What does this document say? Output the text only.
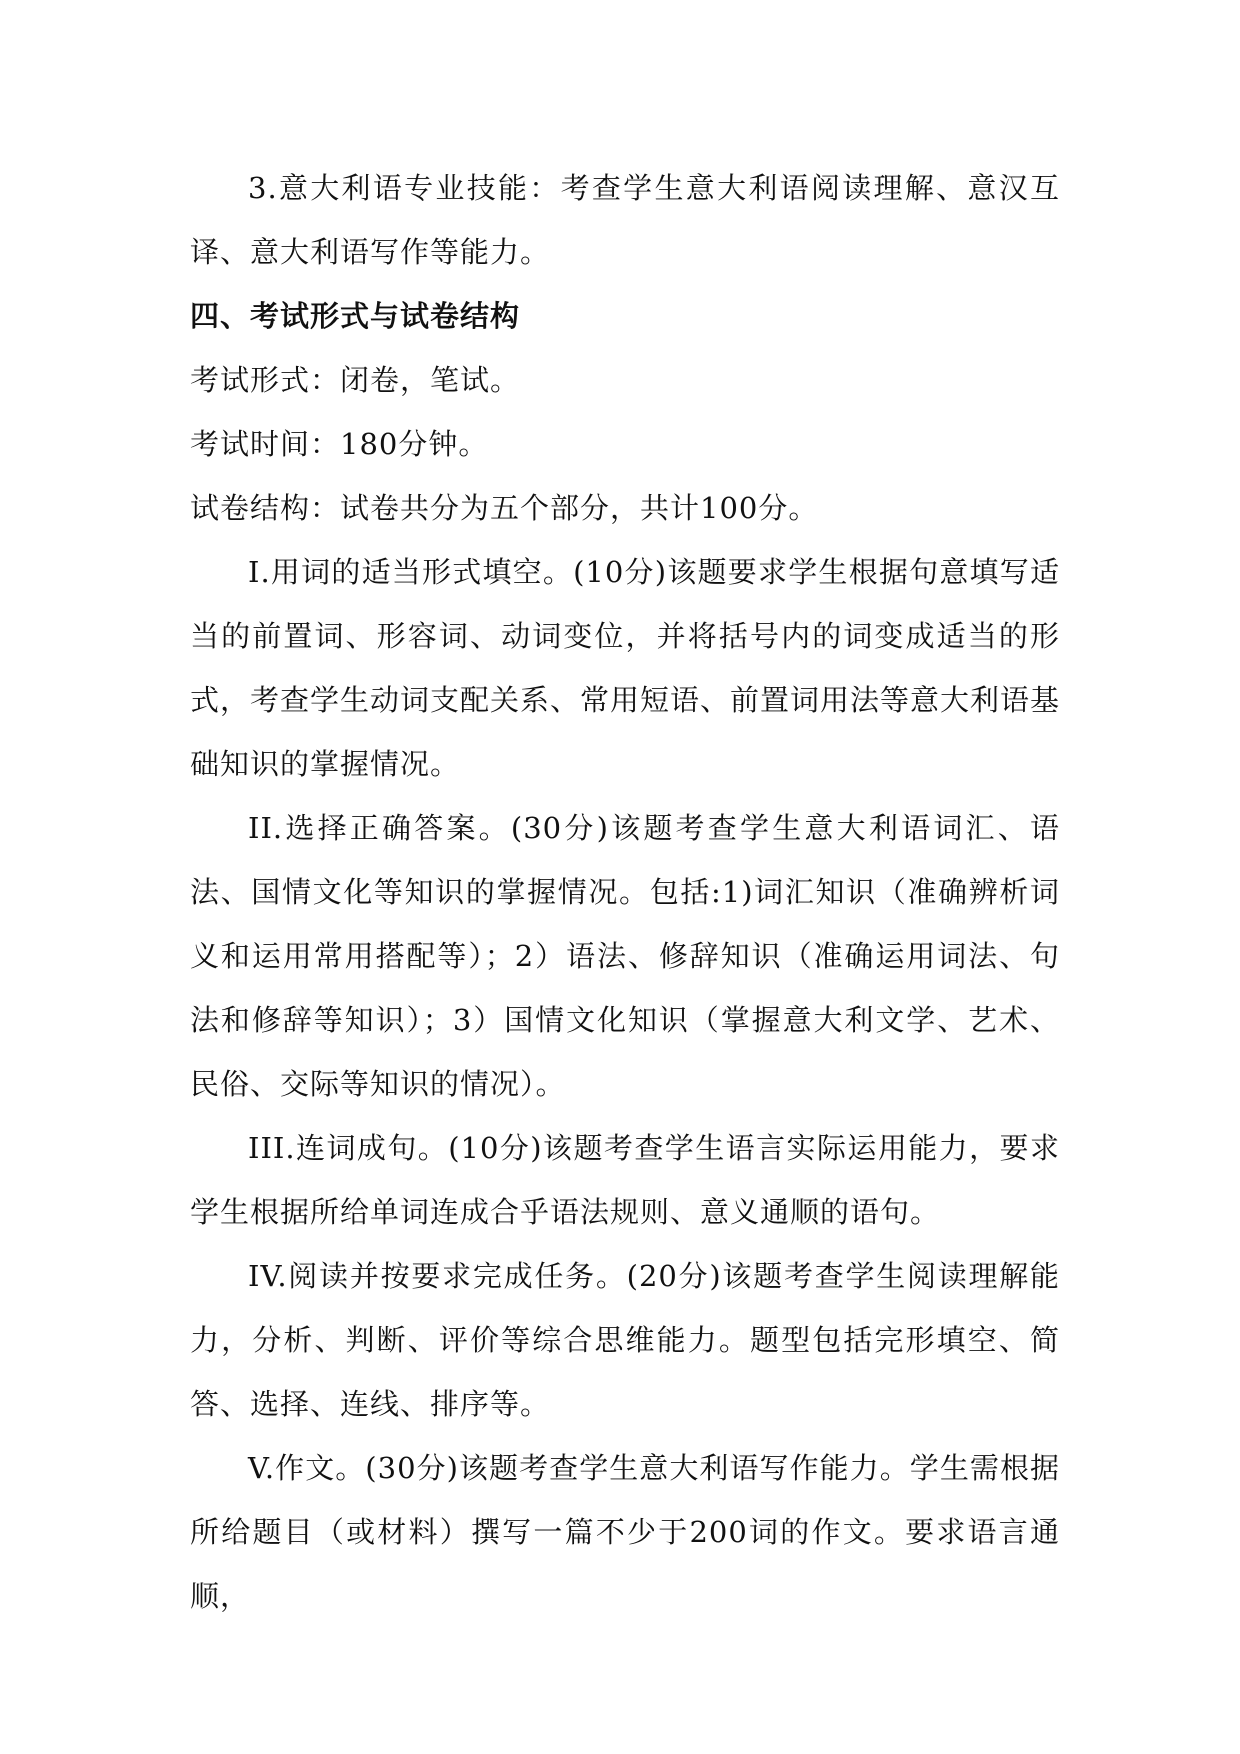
3.意大利语专业技能：考查学生意大利语阅读理解、意汉互译、意大利语写作等能力。

四、考试形式与试卷结构

考试形式：闭卷，笔试。

考试时间：180分钟。

试卷结构：试卷共分为五个部分，共计100分。

I.用词的适当形式填空。(10分)该题要求学生根据句意填写适当的前置词、形容词、动词变位，并将括号内的词变成适当的形式，考查学生动词支配关系、常用短语、前置词用法等意大利语基础知识的掌握情况。

II.选择正确答案。(30分)该题考查学生意大利语词汇、语法、国情文化等知识的掌握情况。包括:1)词汇知识（准确辨析词义和运用常用搭配等）；2）语法、修辞知识（准确运用词法、句法和修辞等知识）；3）国情文化知识（掌握意大利文学、艺术、民俗、交际等知识的情况）。

III.连词成句。(10分)该题考查学生语言实际运用能力，要求学生根据所给单词连成合乎语法规则、意义通顺的语句。

IV.阅读并按要求完成任务。(20分)该题考查学生阅读理解能力，分析、判断、评价等综合思维能力。题型包括完形填空、简答、选择、连线、排序等。

V.作文。(30分)该题考查学生意大利语写作能力。学生需根据所给题目（或材料）撰写一篇不少于200词的作文。要求语言通顺，
